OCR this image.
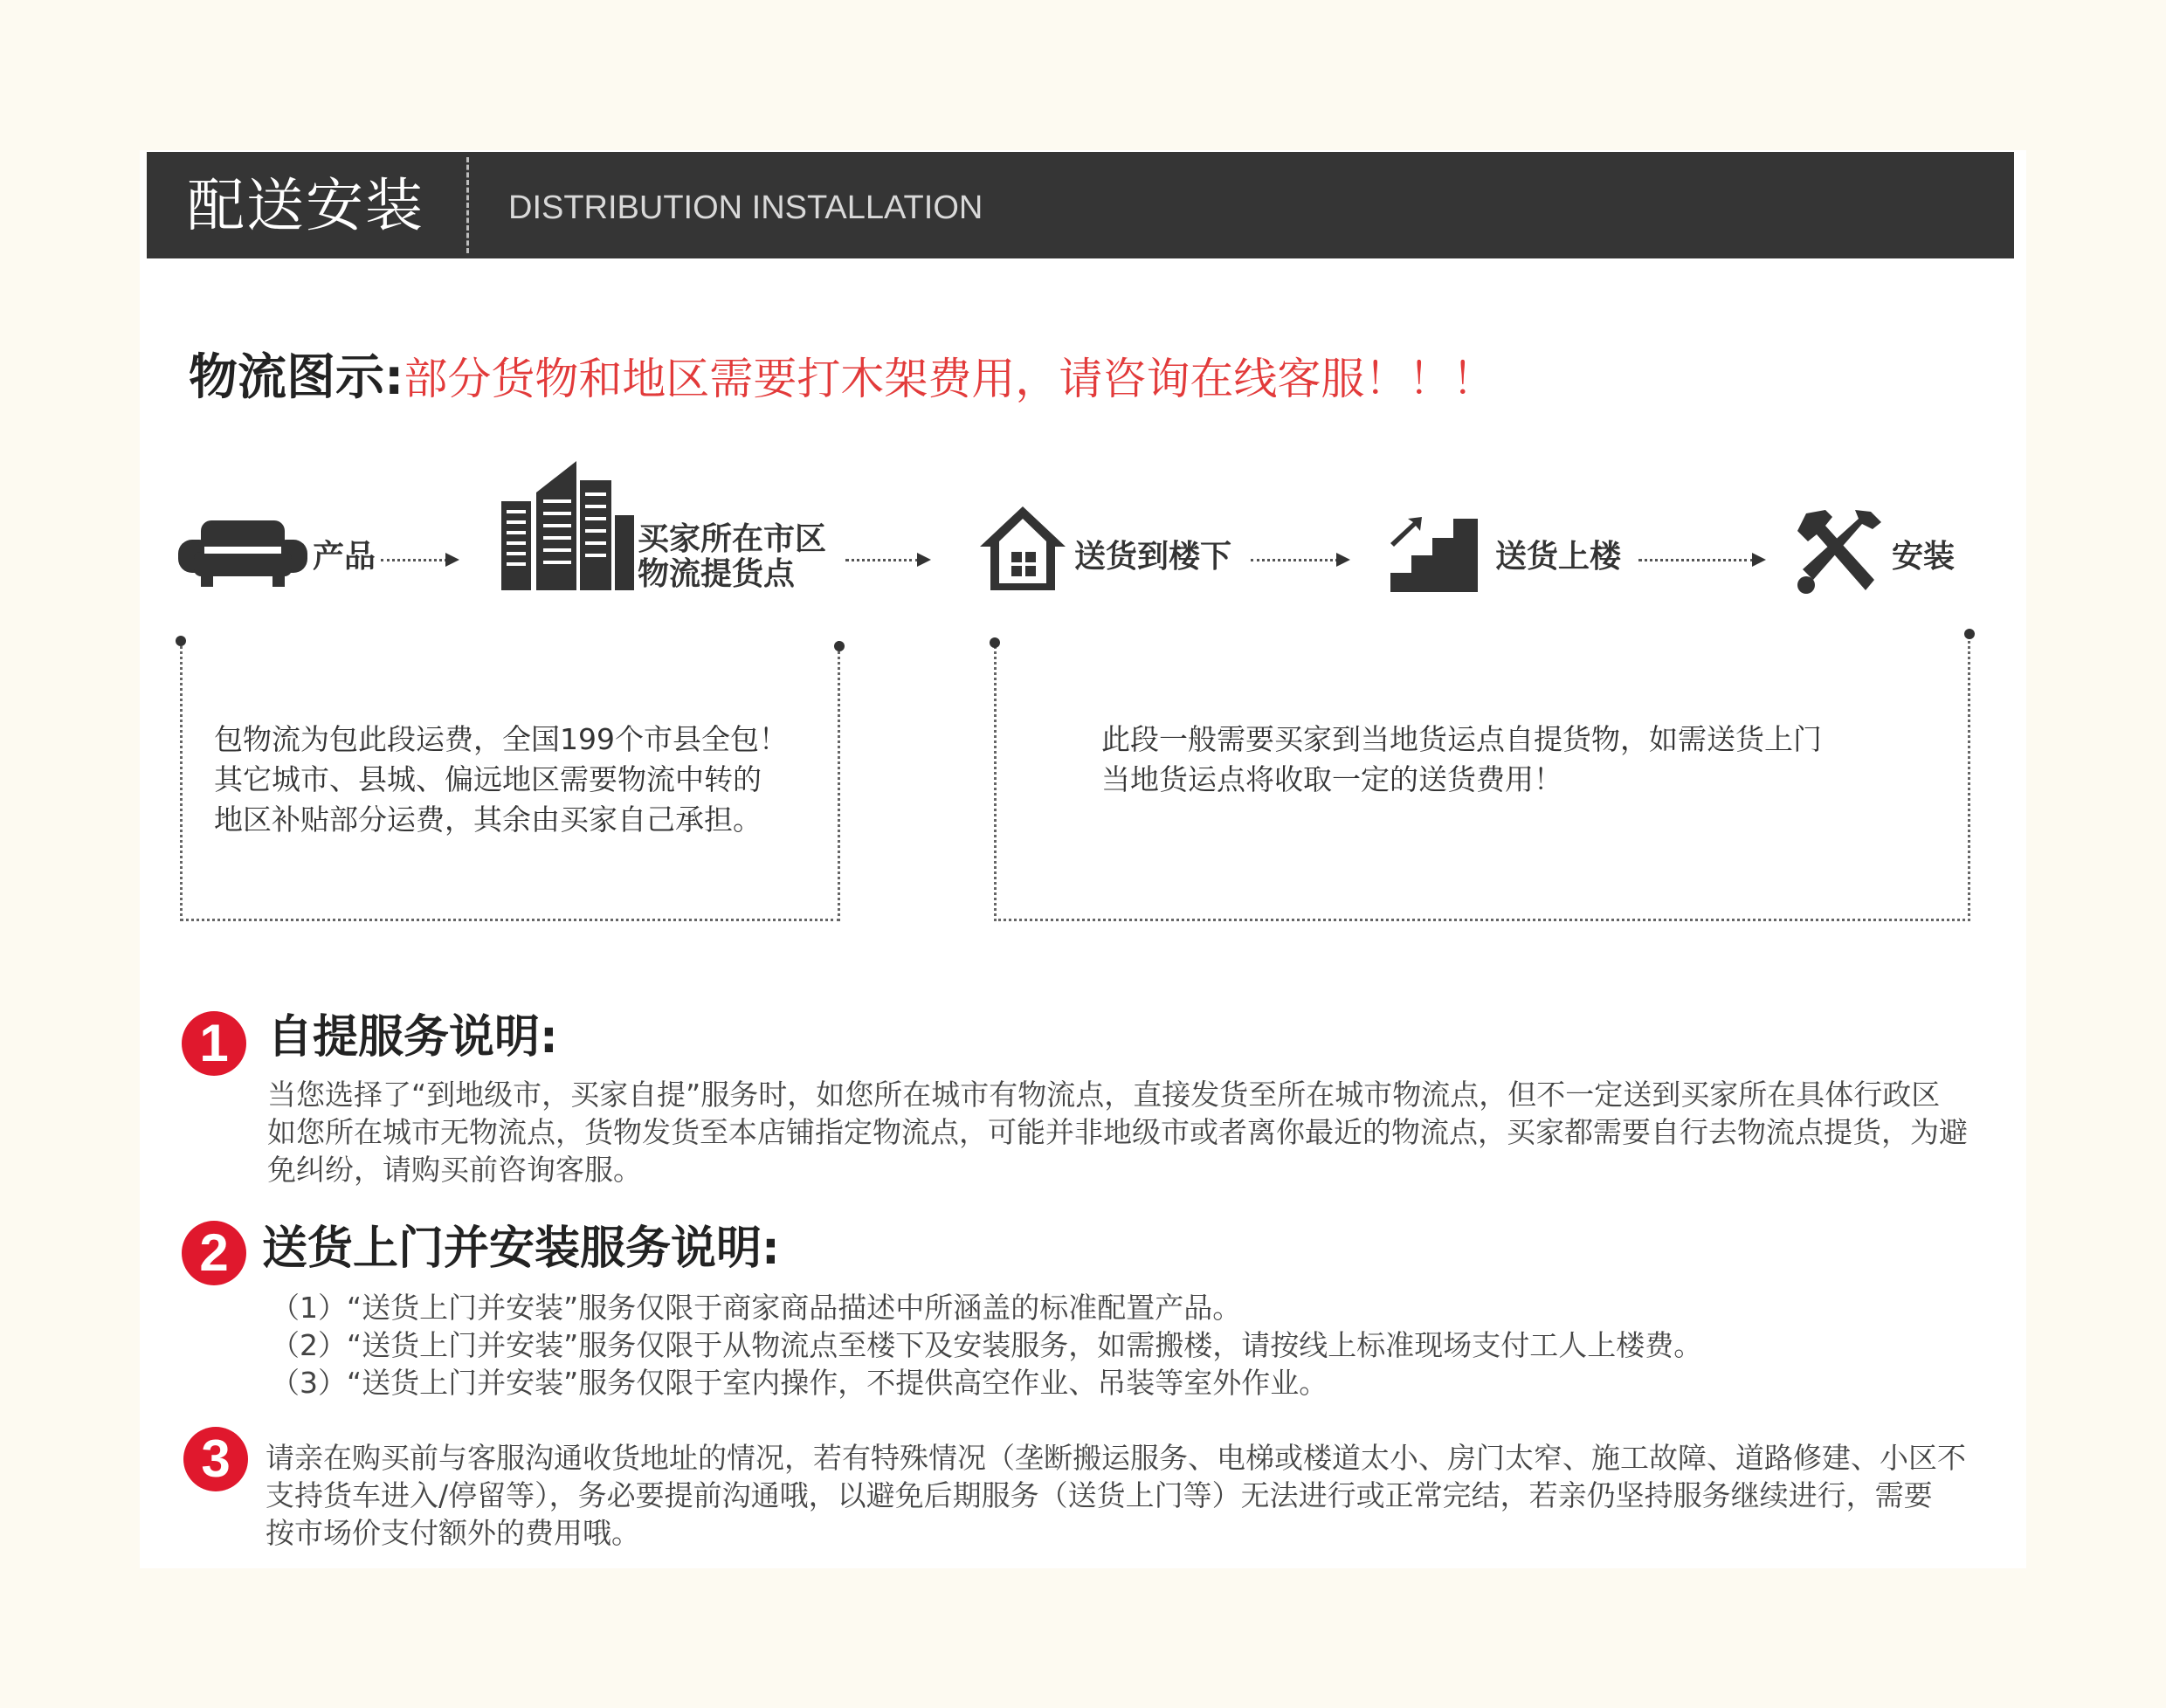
配送安装	DISTRIBUTION INSTALLATION
物流图示:部分货物和地区需要打木架费用，请咨询在线客服！！！
产品	买家所在市区
物流提货点	送货到楼下	送货上楼	安装
包物流为包此段运费，全国199个市县全包！
其它城市、县城、偏远地区需要物流中转的
地区补贴部分运费，其余由买家自己承担。
此段一般需要买家到当地货运点自提货物，如需送货上门
当地货运点将收取一定的送货费用！
1 自提服务说明:
当您选择了“到地级市，买家自提”服务时，如您所在城市有物流点，直接发货至所在城市物流点，但不一定送到买家所在具体行政区
如您所在城市无物流点，货物发货至本店铺指定物流点，可能并非地级市或者离你最近的物流点，买家都需要自行去物流点提货，为避
免纠纷，请购买前咨询客服。
2 送货上门并安装服务说明:
（1）“送货上门并安装”服务仅限于商家商品描述中所涵盖的标准配置产品。
（2）“送货上门并安装”服务仅限于从物流点至楼下及安装服务，如需搬楼，请按线上标准现场支付工人上楼费。
（3）“送货上门并安装”服务仅限于室内操作，不提供高空作业、吊装等室外作业。
3	请亲在购买前与客服沟通收货地址的情况，若有特殊情况（垄断搬运服务、电梯或楼道太小、房门太窄、施工故障、道路修建、小区不
支持货车进入/停留等），务必要提前沟通哦，以避免后期服务（送货上门等）无法进行或正常完结，若亲仍坚持服务继续进行，需要
按市场价支付额外的费用哦。
